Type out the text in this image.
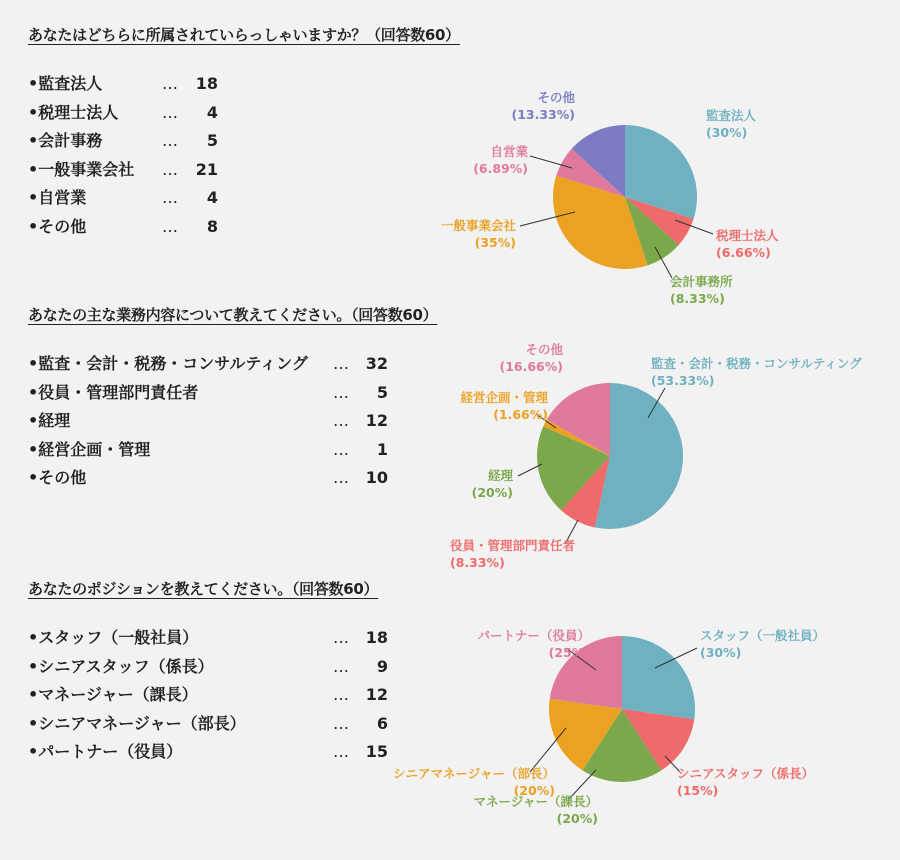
あなたはどちらに所属されていらっしゃいますか？（回答数60）
•監査法人	…	18
•税理士法人	…	4
•会計事務	…	5
•一般事業会社 …	21
•自営業	…	4
•その他	…	8
監査法人
(30%)
税理士法人
(6.66%)
会計事務所
(8.33%)
一般事業会社
(35%)
自営業
(6.89%)
その他
(13.33%)
あなたの主な業務内容について教えてください。（回答数60）
•監査・会計・税務・コンサルティング …	32
•役員・管理部門責任者	…	5
•経理	…	12
•経営企画・管理	…	1
•その他	…	10
監査・会計・税務・コンサルティング
(53.33%)
役員・管理部門責任者
(8.33%)
経理
(20%)
経営企画・管理
(1.66%)
その他
(16.66%)
あなたのポジションを教えてください。（回答数60）
•スタッフ（一般社員）	…	18
•シニアスタッフ（係長）	…	9
•マネージャー（課長）	…	12
•シニアマネージャー（部長）	…	6
•パートナー（役員）	…	15
スタッフ（一般社員）
(30%)
シニアスタッフ（係長）
(15%)
マネージャー（課長）
(20%)
シニアマネージャー（部長）
(20%)
パートナー（役員）
(25%)
